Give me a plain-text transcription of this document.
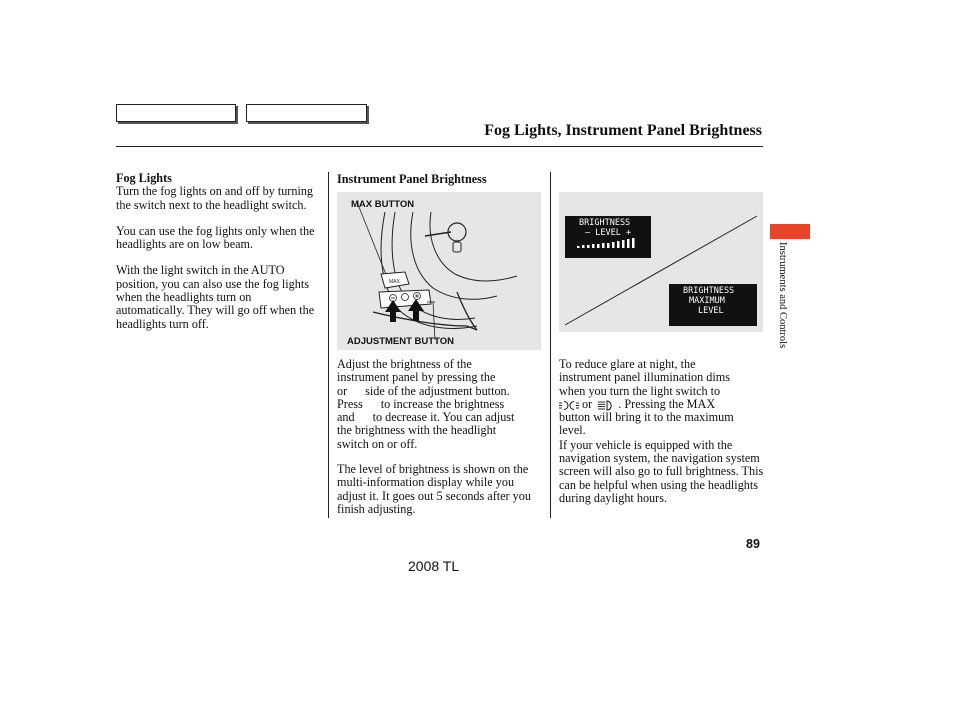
Fog Lights, Instrument Panel Brightness
Fog Lights

Turn the fog lights on and off by turning the switch next to the headlight switch.

You can use the fog lights only when the headlights are on low beam.

With the light switch in the AUTO position, you can also use the fog lights when the headlights turn on automatically. They will go off when the headlights turn off.

Instrument Panel Brightness
MAX
MAX BUTTON
ADJUSTMENT BUTTON
BRIGHTNESS
– LEVEL +
BRIGHTNESS
MAXIMUM
LEVEL

Adjust the brightness of the

instrument panel by pressing the

or side of the adjustment button.

Press to increase the brightness

and to decrease it. You can adjust

the brightness with the headlight

switch on or off.

The level of brightness is shown on the multi-information display while you adjust it. It goes out 5 seconds after you finish adjusting.

To reduce glare at night, the

instrument panel illumination dims

when you turn the light switch to

or . Pressing the MAX

button will bring it to the maximum

level.

If your vehicle is equipped with the navigation system, the navigation system screen will also go to full brightness. This can be helpful when using the headlights during daylight hours.

Instruments and Controls
89
2008 TL
